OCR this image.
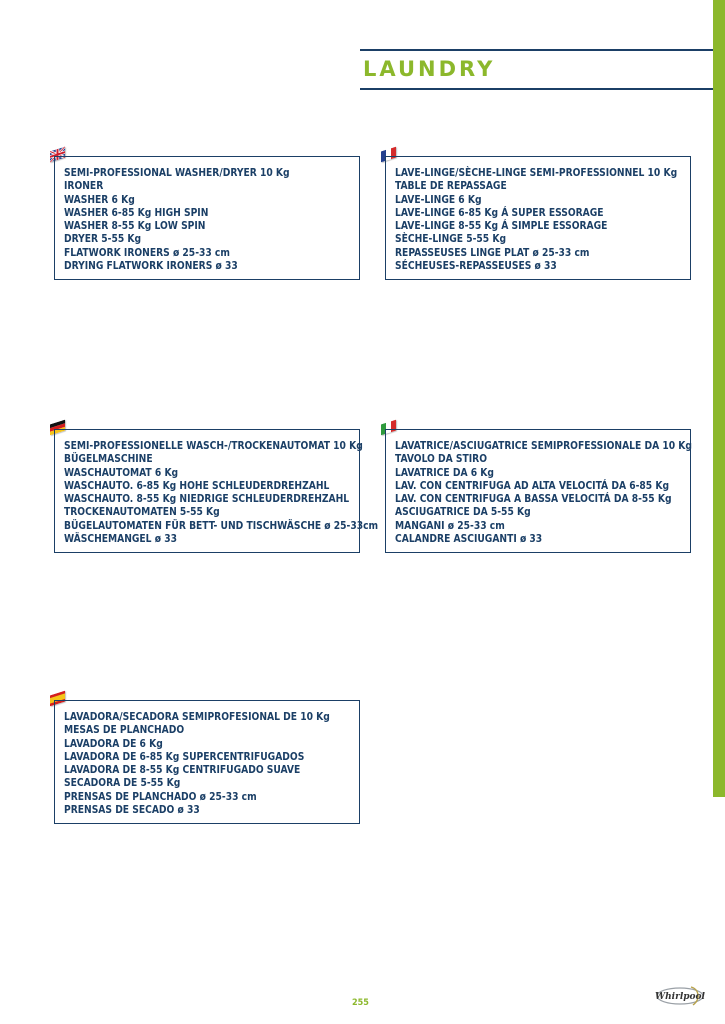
LAUNDRY
SEMI-PROFESSIONAL WASHER/DRYER 10 Kg
IRONER
WASHER 6 Kg
WASHER 6-85 Kg HIGH SPIN
WASHER 8-55 Kg LOW SPIN
DRYER 5-55 Kg
FLATWORK IRONERS ø 25-33 cm
DRYING FLATWORK IRONERS ø 33
LAVE-LINGE/SÈCHE-LINGE SEMI-PROFESSIONNEL 10 Kg
TABLE DE REPASSAGE
LAVE-LINGE 6 Kg
LAVE-LINGE 6-85 Kg Á SUPER ESSORAGE
LAVE-LINGE 8-55 Kg Á SIMPLE ESSORAGE
SÈCHE-LINGE 5-55 Kg
REPASSEUSES LINGE PLAT ø 25-33 cm
SÉCHEUSES-REPASSEUSES ø 33
SEMI-PROFESSIONELLE WASCH-/TROCKENAUTOMAT 10 Kg
BÜGELMASCHINE
WASCHAUTOMAT 6 Kg
WASCHAUTO. 6-85 Kg HOHE SCHLEUDERDREHZAHL
WASCHAUTO. 8-55 Kg NIEDRIGE SCHLEUDERDREHZAHL
TROCKENAUTOMATEN 5-55 Kg
BÜGELAUTOMATEN FÜR BETT- UND TISCHWÄSCHE ø 25-33cm
WÄSCHEMANGEL ø 33
LAVATRICE/ASCIUGATRICE SEMIPROFESSIONALE DA 10 Kg
TAVOLO DA STIRO
LAVATRICE DA 6 Kg
LAV. CON CENTRIFUGA AD ALTA VELOCITÁ DA 6-85 Kg
LAV. CON CENTRIFUGA A BASSA VELOCITÁ DA 8-55 Kg
ASCIUGATRICE DA 5-55 Kg
MANGANI ø 25-33 cm
CALANDRE ASCIUGANTI ø 33
LAVADORA/SECADORA SEMIPROFESIONAL DE 10 Kg
MESAS DE PLANCHADO
LAVADORA DE 6 Kg
LAVADORA DE 6-85 Kg SUPERCENTRIFUGADOS
LAVADORA DE 8-55 Kg CENTRIFUGADO SUAVE
SECADORA DE 5-55 Kg
PRENSAS DE PLANCHADO ø 25-33 cm
PRENSAS DE SECADO ø 33
255
Whirlpool
